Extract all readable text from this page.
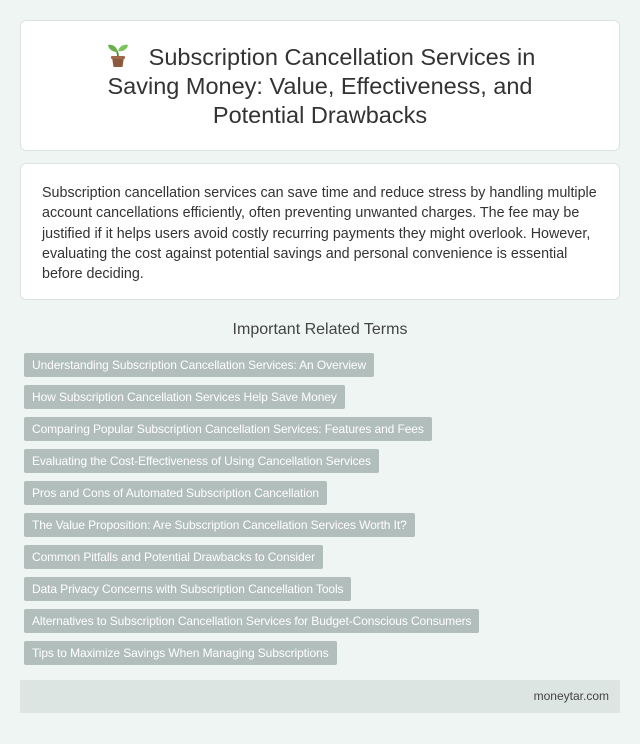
Subscription Cancellation Services in Saving Money: Value, Effectiveness, and Potential Drawbacks

Subscription cancellation services can save time and reduce stress by handling multiple account cancellations efficiently, often preventing unwanted charges. The fee may be justified if it helps users avoid costly recurring payments they might overlook. However, evaluating the cost against potential savings and personal convenience is essential before deciding.

Important Related Terms
Understanding Subscription Cancellation Services: An Overview
How Subscription Cancellation Services Help Save Money
Comparing Popular Subscription Cancellation Services: Features and Fees
Evaluating the Cost-Effectiveness of Using Cancellation Services
Pros and Cons of Automated Subscription Cancellation
The Value Proposition: Are Subscription Cancellation Services Worth It?
Common Pitfalls and Potential Drawbacks to Consider
Data Privacy Concerns with Subscription Cancellation Tools
Alternatives to Subscription Cancellation Services for Budget-Conscious Consumers
Tips to Maximize Savings When Managing Subscriptions
moneytar.com
